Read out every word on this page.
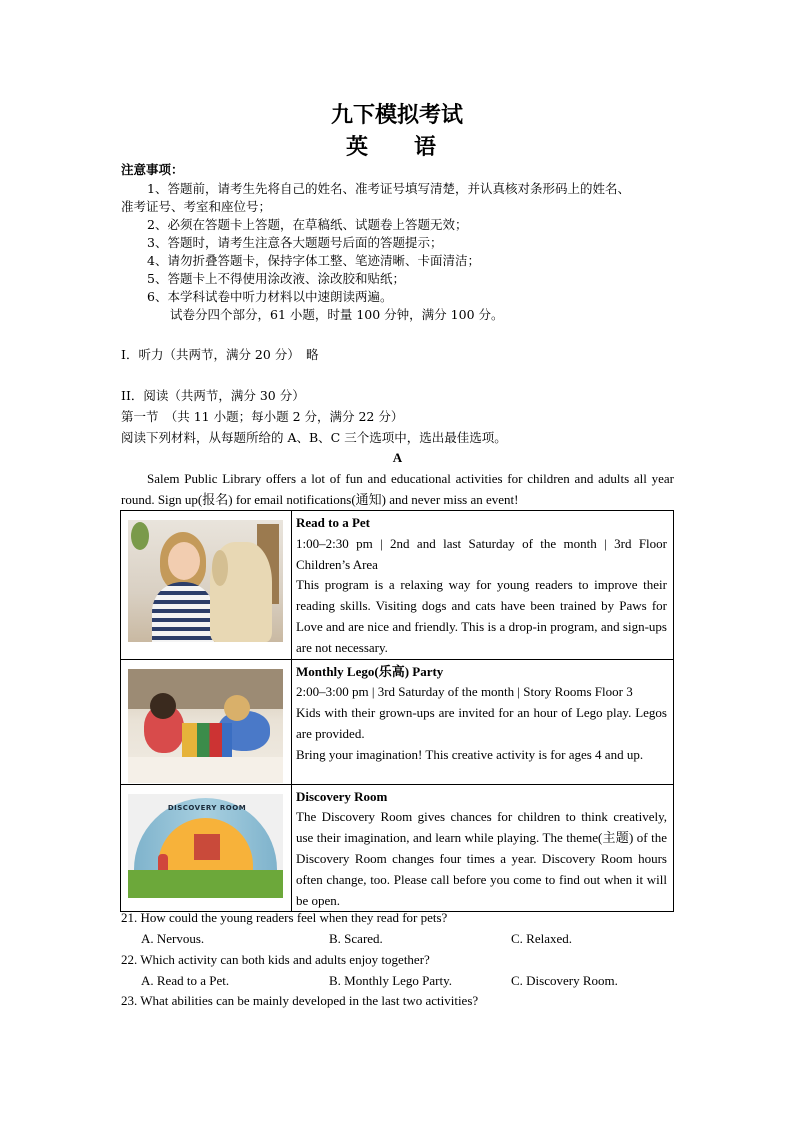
九下模拟考试
英　语
注意事项：
1、答题前，请考生先将自己的姓名、准考证号填写清楚，并认真核对条形码上的姓名、
准考证号、考室和座位号；
2、必须在答题卡上答题，在草稿纸、试题卷上答题无效；
3、答题时，请考生注意各大题题号后面的答题提示；
4、请勿折叠答题卡，保持字体工整、笔迹清晰、卡面清洁；
5、答题卡上不得使用涂改液、涂改胶和贴纸；
6、本学科试卷中听力材料以中速朗读两遍。
试卷分四个部分，61 小题，时量 100 分钟，满分 100 分。
I．听力（共两节，满分 20 分）　略
II．阅读（共两节，满分 30 分）
第一节　（共 11 小题；每小题 2 分，满分 22 分）
阅读下列材料，从每题所给的 A、B、C 三个选项中，选出最佳选项。
A
Salem Public Library offers a lot of fun and educational activities for children and adults all year round. Sign up(报名) for email notifications(通知) and never miss an event!

	Read to a Pet
1:00–2:30 pm | 2nd and last Saturday of the month | 3rd Floor Children’s Area
This program is a relaxing way for young readers to improve their reading skills. Visiting dogs and cats have been trained by Paws for Love and are nice and friendly. This is a drop-in program, and sign-ups are not necessary.

	Monthly Lego(乐高) Party
2:00–3:00 pm | 3rd Saturday of the month | Story Rooms Floor 3
Kids with their grown-ups are invited for an hour of Lego play. Legos are provided.
Bring your imagination! This creative activity is for ages 4 and up.

DISCOVERY ROOM	Discovery Room
The Discovery Room gives chances for children to think creatively, use their imagination, and learn while playing. The theme(主题) of the Discovery Room changes four times a year. Discovery Room hours often change, too. Please call before you come to find out when it will be open.
21. How could the young readers feel when they read for pets?
A. Nervous.	B. Scared.	C. Relaxed.
22. Which activity can both kids and adults enjoy together?
A. Read to a Pet.	B. Monthly Lego Party.	C. Discovery Room.
23. What abilities can be mainly developed in the last two activities?
